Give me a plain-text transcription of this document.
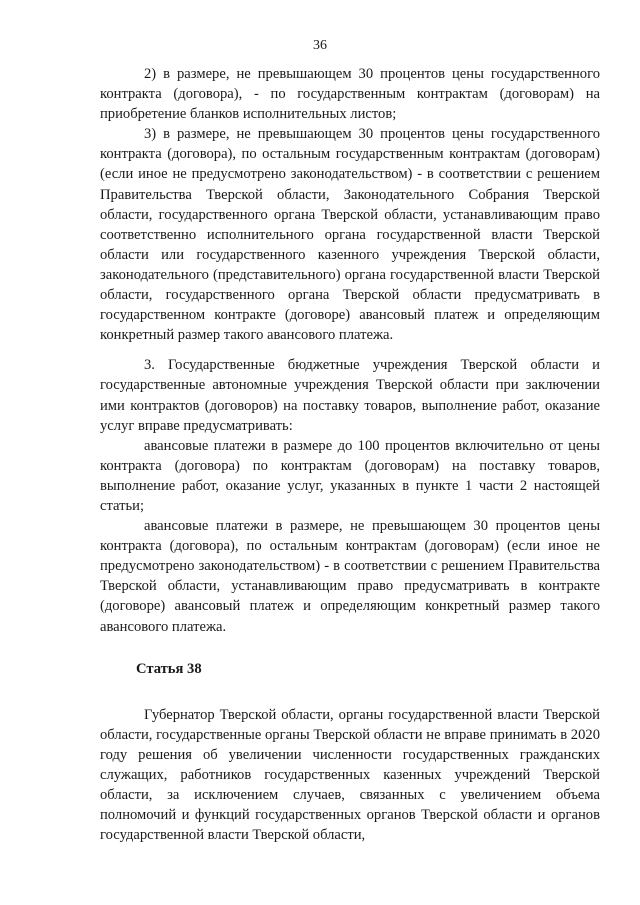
36

2) в размере, не превышающем 30 процентов цены государственного контракта (договора), - по государственным контрактам (договорам) на приобретение бланков исполнительных листов;

3) в размере, не превышающем 30 процентов цены государственного контракта (договора), по остальным государственным контрактам (договорам) (если иное не предусмотрено законодательством) - в соответствии с решением Правительства Тверской области, Законодательного Собрания Тверской области, государственного органа Тверской области, устанавливающим право соответственно исполнительного органа государственной власти Тверской области или государственного казенного учреждения Тверской области, законодательного (представительного) органа государственной власти Тверской области, государственного органа Тверской области предусматривать в государственном контракте (договоре) авансовый платеж и определяющим конкретный размер такого авансового платежа.

3. Государственные бюджетные учреждения Тверской области и государственные автономные учреждения Тверской области при заключении ими контрактов (договоров) на поставку товаров, выполнение работ, оказание услуг вправе предусматривать:

авансовые платежи в размере до 100 процентов включительно от цены контракта (договора) по контрактам (договорам) на поставку товаров, выполнение работ, оказание услуг, указанных в пункте 1 части 2 настоящей статьи;

авансовые платежи в размере, не превышающем 30 процентов цены контракта (договора), по остальным контрактам (договорам) (если иное не предусмотрено законодательством) - в соответствии с решением Правительства Тверской области, устанавливающим право предусматривать в контракте (договоре) авансовый платеж и определяющим конкретный размер такого авансового платежа.

Статья 38

Губернатор Тверской области, органы государственной власти Тверской области, государственные органы Тверской области не вправе принимать в 2020 году решения об увеличении численности государственных гражданских служащих, работников государственных казенных учреждений Тверской области, за исключением случаев, связанных с увеличением объема полномочий и функций государственных органов Тверской области и органов государственной власти Тверской области,
